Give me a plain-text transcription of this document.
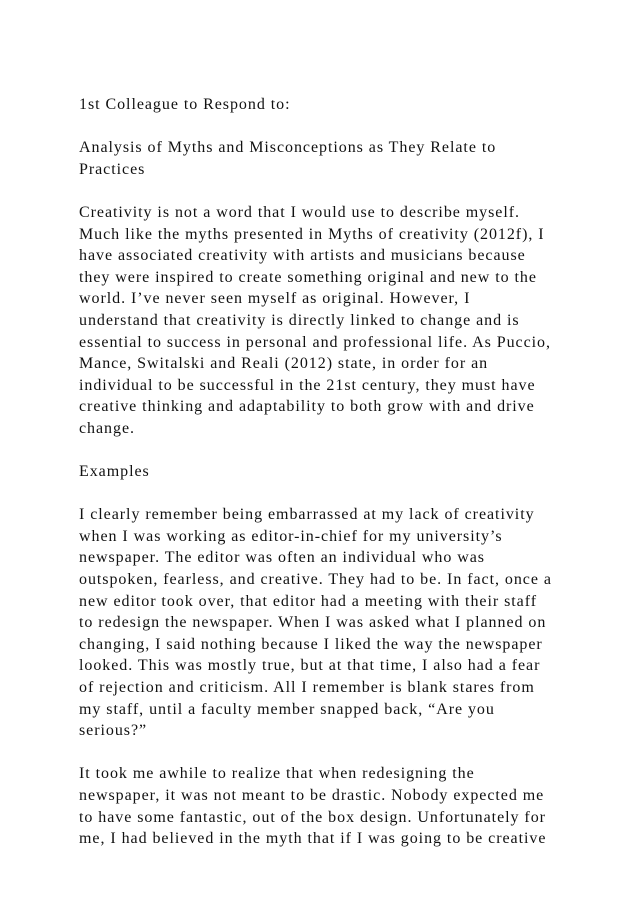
1st Colleague to Respond to:
Analysis of Myths and Misconceptions as They Relate to
Practices
Creativity is not a word that I would use to describe myself.
Much like the myths presented in Myths of creativity (2012f), I
have associated creativity with artists and musicians because
they were inspired to create something original and new to the
world. I’ve never seen myself as original. However, I
understand that creativity is directly linked to change and is
essential to success in personal and professional life. As Puccio,
Mance, Switalski and Reali (2012) state, in order for an
individual to be successful in the 21st century, they must have
creative thinking and adaptability to both grow with and drive
change.
Examples
I clearly remember being embarrassed at my lack of creativity
when I was working as editor-in-chief for my university’s
newspaper. The editor was often an individual who was
outspoken, fearless, and creative. They had to be. In fact, once a
new editor took over, that editor had a meeting with their staff
to redesign the newspaper. When I was asked what I planned on
changing, I said nothing because I liked the way the newspaper
looked. This was mostly true, but at that time, I also had a fear
of rejection and criticism. All I remember is blank stares from
my staff, until a faculty member snapped back, “Are you
serious?”
It took me awhile to realize that when redesigning the
newspaper, it was not meant to be drastic. Nobody expected me
to have some fantastic, out of the box design. Unfortunately for
me, I had believed in the myth that if I was going to be creative
